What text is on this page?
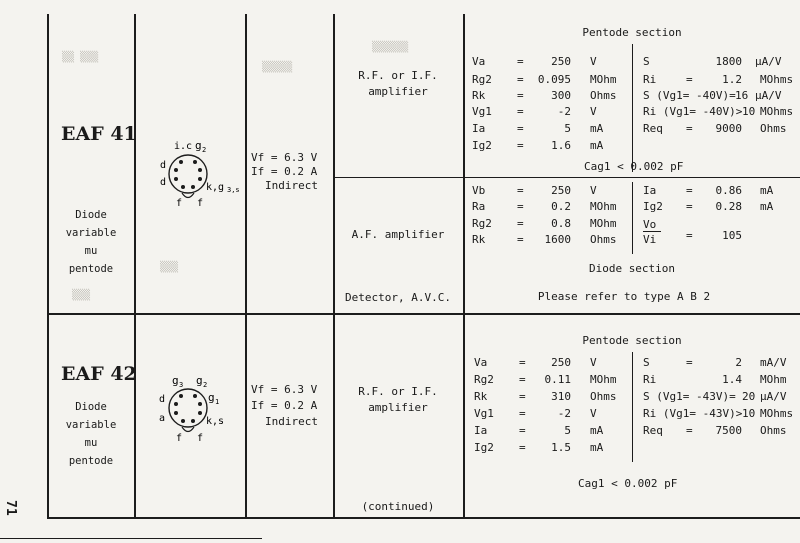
▒▒ ▒▒▒
▒▒▒▒▒
▒▒▒▒▒▒
▒▒▒
▒▒▒
71
EAF 41
Diode
variable
mu
pentode
i.c g 2
d
d	k,g 3,s
f f
Vf = 6.3 V
If = 0.2 A
Indirect
R.F. or I.F.
amplifier
A.F. amplifier
Detector, A.V.C.
Pentode section
Va	=	250 V
Rg2 =	0.095 MOhm
Rk	=	300 Ohms
Vg1 =	-2 V
Ia	=	5 mA
Ig2 =	1.6 mA
S	1800 µA/V
Ri	=	1.2 MOhms
S (Vg1= -40V)= 16 µA/V
Ri (Vg1= -40V)> 10 MOhms
Req =	9000 Ohms
Cag1 < 0.002 pF
Vb	=	250 V
Ra	=	0.2 MOhm
Rg2 =	0.8 MOhm
Rk	=	1600 Ohms
Ia	=	0.86 mA
Ig2 =	0.28 mA
Vo
Vi	=	105
Diode section
Please refer to type A B 2
EAF 42
Diode
variable
mu
pentode
g 3 g 2
d	g 1
a	k,s
f f
Vf = 6.3 V
If = 0.2 A
Indirect
R.F. or I.F.
amplifier
(continued)
Pentode section
Va	=	250 V
Rg2 =	0.11 MOhm
Rk	=	310 Ohms
Vg1 =	-2 V
Ia	=	5 mA
Ig2 =	1.5 mA
S	=	2 mA/V
Ri	1.4 MOhm
S (Vg1= -43V)= 20 µA/V
Ri (Vg1= -43V)> 10 MOhms
Req =	7500 Ohms
Cag1 < 0.002 pF
